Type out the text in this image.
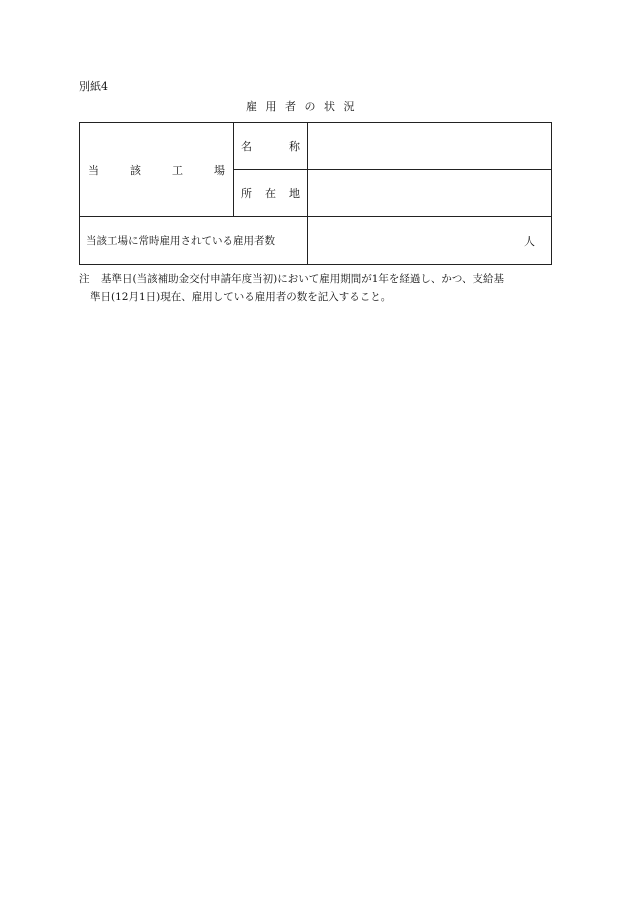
別紙4
雇用者の状況
当 該 工 場	名 称	

	所 在 地	

当該工場に常時雇用されている雇用者数		人
注 基準日(当該補助金交付申請年度当初)において雇用期間が1年を経過し、かつ、支給基
準日(12月1日)現在、雇用している雇用者の数を記入すること。
